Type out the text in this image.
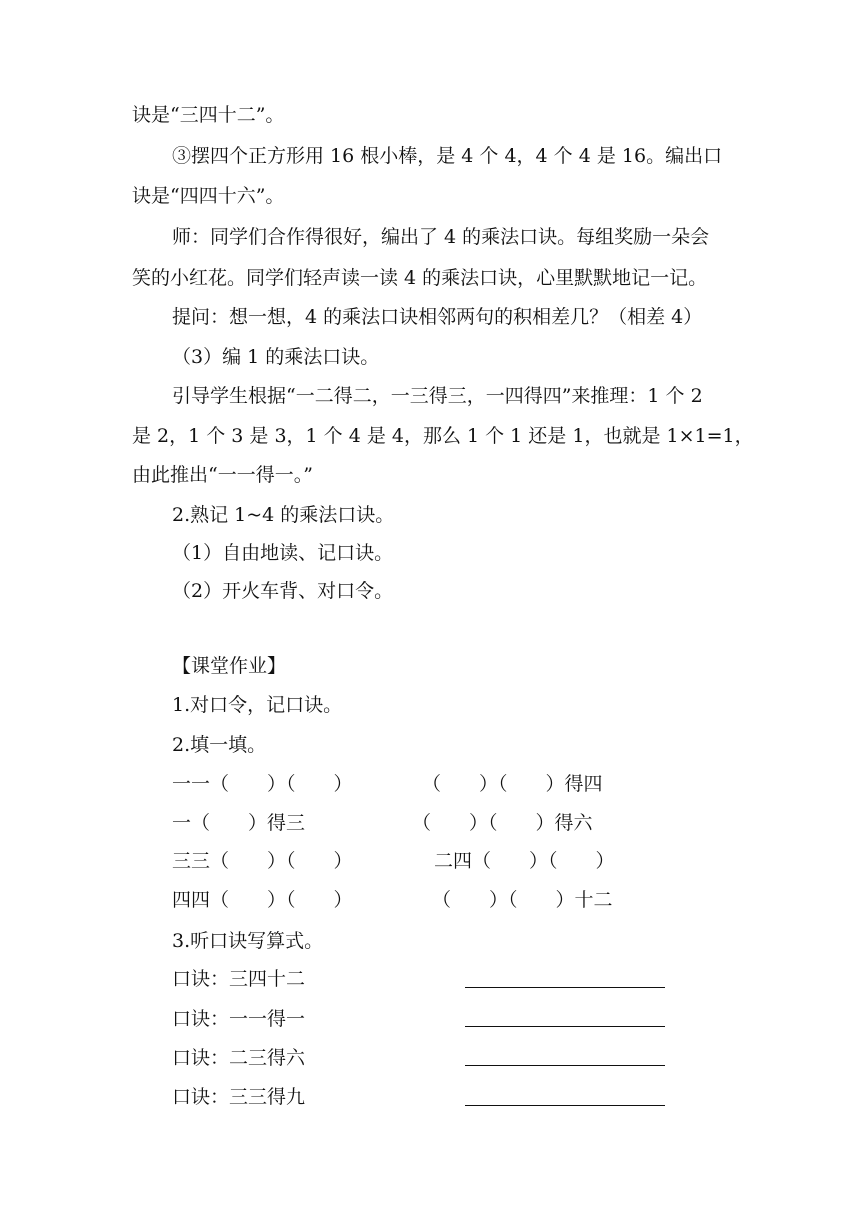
诀是“三四十二”。
③摆四个正方形用 16 根小棒，是 4 个 4，4 个 4 是 16。编出口
诀是“四四十六”。
师：同学们合作得很好，编出了 4 的乘法口诀。每组奖励一朵会
笑的小红花。同学们轻声读一读 4 的乘法口诀，心里默默地记一记。
提问：想一想，4 的乘法口诀相邻两句的积相差几？（相差 4）
（3）编 1 的乘法口诀。
引导学生根据“一二得二，一三得三，一四得四”来推理：1 个 2
是 2，1 个 3 是 3，1 个 4 是 4，那么 1 个 1 还是 1，也就是 1×1=1，
由此推出“一一得一。”
2.熟记 1~4 的乘法口诀。
（1）自由地读、记口诀。
（2）开火车背、对口令。
【课堂作业】
1.对口令，记口诀。
2.填一填。
一一（　　）（　　）	（　　）（　　）得四
一（　　）得三	（　　）（　　）得六
三三（　　）（　　）	二四（　　）（　　）
四四（　　）（　　）	（　　）（　　）十二
3.听口诀写算式。
口诀：三四十二
口诀：一一得一
口诀：二三得六
口诀：三三得九
